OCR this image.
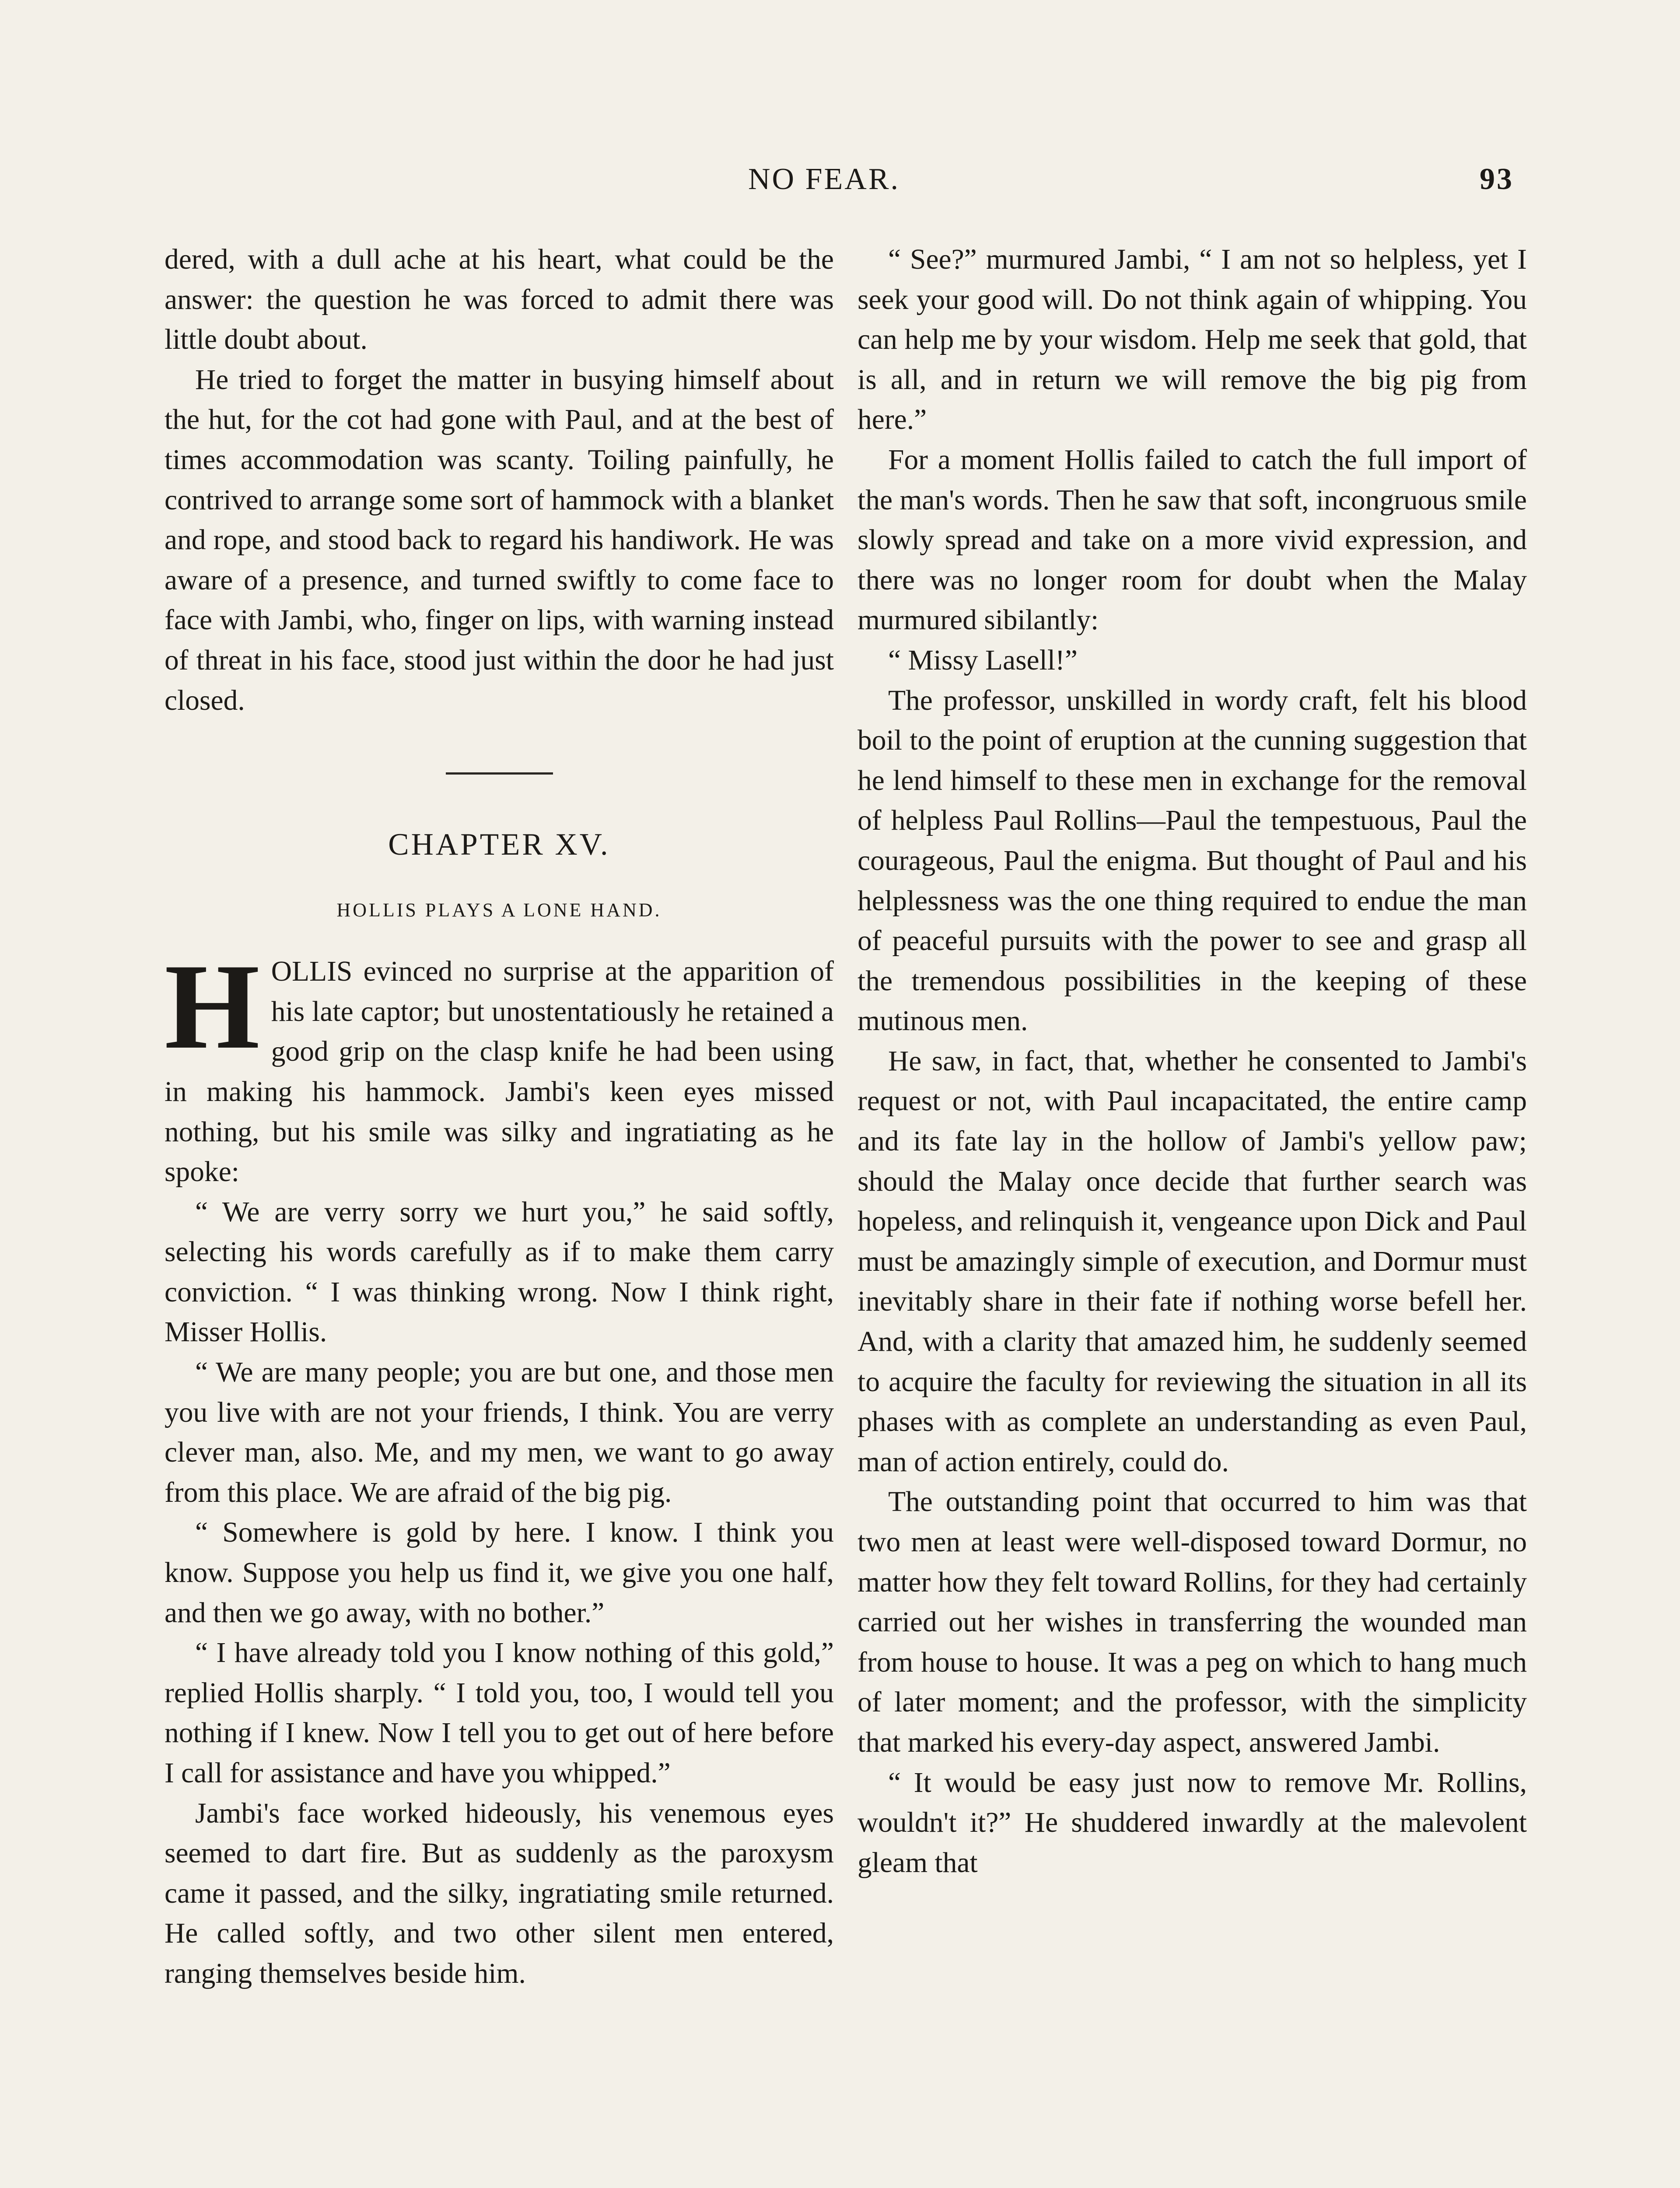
NO FEAR.	93

dered, with a dull ache at his heart, what could be the answer: the question he was forced to admit there was little doubt about.

He tried to forget the matter in busying himself about the hut, for the cot had gone with Paul, and at the best of times accommodation was scanty. Toiling painfully, he contrived to arrange some sort of hammock with a blanket and rope, and stood back to regard his handiwork. He was aware of a presence, and turned swiftly to come face to face with Jambi, who, finger on lips, with warning instead of threat in his face, stood just within the door he had just closed.

CHAPTER XV.
HOLLIS PLAYS A LONE HAND.

HOLLIS evinced no surprise at the apparition of his late captor; but unostentatiously he retained a good grip on the clasp knife he had been using in making his hammock. Jambi's keen eyes missed nothing, but his smile was silky and ingratiating as he spoke:

“ We are verry sorry we hurt you,” he said softly, selecting his words carefully as if to make them carry conviction. “ I was thinking wrong. Now I think right, Misser Hollis.

“ We are many people; you are but one, and those men you live with are not your friends, I think. You are verry clever man, also. Me, and my men, we want to go away from this place. We are afraid of the big pig.

“ Somewhere is gold by here. I know. I think you know. Suppose you help us find it, we give you one half, and then we go away, with no bother.”

“ I have already told you I know nothing of this gold,” replied Hollis sharply. “ I told you, too, I would tell you nothing if I knew. Now I tell you to get out of here before I call for assistance and have you whipped.”

Jambi's face worked hideously, his venemous eyes seemed to dart fire. But as suddenly as the paroxysm came it passed, and the silky, ingratiating smile returned. He called softly, and two other silent men entered, ranging themselves beside him.

“ See?” murmured Jambi, “ I am not so helpless, yet I seek your good will. Do not think again of whipping. You can help me by your wisdom. Help me seek that gold, that is all, and in return we will remove the big pig from here.”

For a moment Hollis failed to catch the full import of the man's words. Then he saw that soft, incongruous smile slowly spread and take on a more vivid expression, and there was no longer room for doubt when the Malay murmured sibilantly:

“ Missy Lasell!”

The professor, unskilled in wordy craft, felt his blood boil to the point of eruption at the cunning suggestion that he lend himself to these men in exchange for the removal of helpless Paul Rollins—Paul the tempestuous, Paul the courageous, Paul the enigma. But thought of Paul and his helplessness was the one thing required to endue the man of peaceful pursuits with the power to see and grasp all the tremendous possibilities in the keeping of these mutinous men.

He saw, in fact, that, whether he consented to Jambi's request or not, with Paul incapacitated, the entire camp and its fate lay in the hollow of Jambi's yellow paw; should the Malay once decide that further search was hopeless, and relinquish it, vengeance upon Dick and Paul must be amazingly simple of execution, and Dormur must inevitably share in their fate if nothing worse befell her. And, with a clarity that amazed him, he suddenly seemed to acquire the faculty for reviewing the situation in all its phases with as complete an understanding as even Paul, man of action entirely, could do.

The outstanding point that occurred to him was that two men at least were well-disposed toward Dormur, no matter how they felt toward Rollins, for they had certainly carried out her wishes in transferring the wounded man from house to house. It was a peg on which to hang much of later moment; and the professor, with the simplicity that marked his every-day aspect, answered Jambi.

“ It would be easy just now to remove Mr. Rollins, wouldn't it?” He shuddered inwardly at the malevolent gleam that
